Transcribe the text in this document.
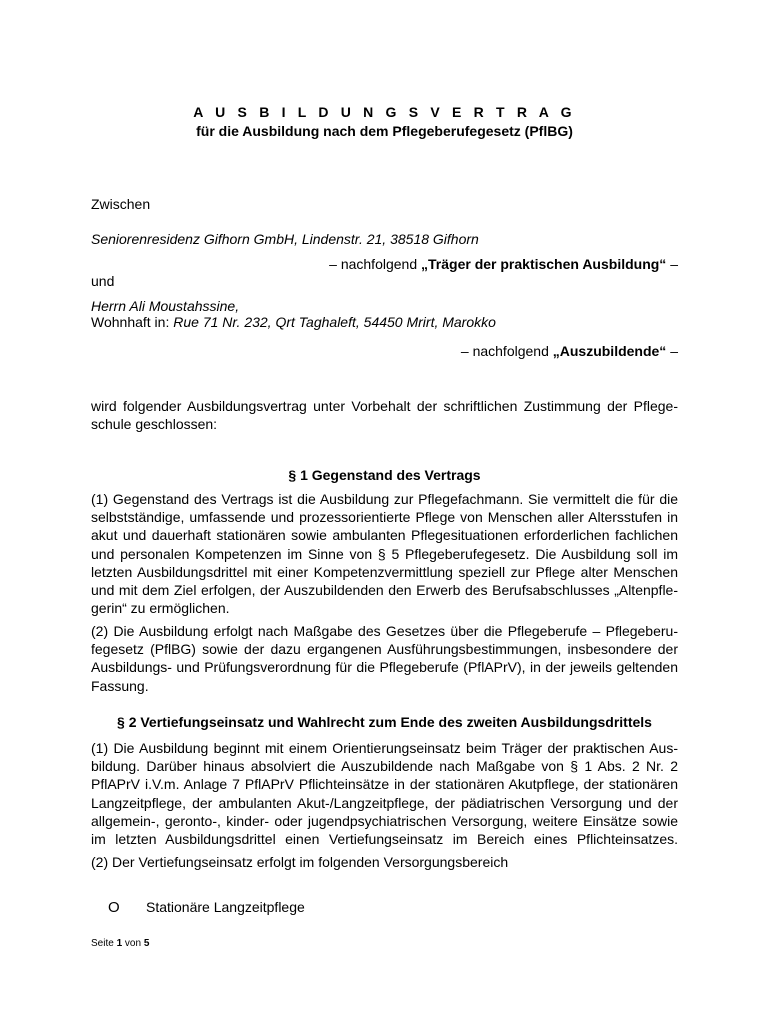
A U S B I L D U N G S V E R T R A G
für die Ausbildung nach dem Pflegeberufegesetz (PflBG)
Zwischen
Seniorenresidenz Gifhorn GmbH, Lindenstr. 21, 38518 Gifhorn
– nachfolgend „Träger der praktischen Ausbildung“ –
und
Herrn Ali Moustahssine,
Wohnhaft in: Rue 71 Nr. 232, Qrt Taghaleft, 54450 Mrirt, Marokko
– nachfolgend „Auszubildende“ –
wird folgender Ausbildungsvertrag unter Vorbehalt der schriftlichen Zustimmung der Pflege-
schule geschlossen:
§ 1 Gegenstand des Vertrags
(1) Gegenstand des Vertrags ist die Ausbildung zur Pflegefachmann. Sie vermittelt die für die
selbstständige, umfassende und prozessorientierte Pflege von Menschen aller Altersstufen in
akut und dauerhaft stationären sowie ambulanten Pflegesituationen erforderlichen fachlichen
und personalen Kompetenzen im Sinne von § 5 Pflegeberufegesetz. Die Ausbildung soll im
letzten Ausbildungsdrittel mit einer Kompetenzvermittlung speziell zur Pflege alter Menschen
und mit dem Ziel erfolgen, der Auszubildenden den Erwerb des Berufsabschlusses „Altenpfle-
gerin“ zu ermöglichen.
(2) Die Ausbildung erfolgt nach Maßgabe des Gesetzes über die Pflegeberufe – Pflegeberu-
fegesetz (PflBG) sowie der dazu ergangenen Ausführungsbestimmungen, insbesondere der
Ausbildungs- und Prüfungsverordnung für die Pflegeberufe (PflAPrV), in der jeweils geltenden
Fassung.
§ 2 Vertiefungseinsatz und Wahlrecht zum Ende des zweiten Ausbildungsdrittels
(1) Die Ausbildung beginnt mit einem Orientierungseinsatz beim Träger der praktischen Aus-
bildung. Darüber hinaus absolviert die Auszubildende nach Maßgabe von § 1 Abs. 2 Nr. 2
PflAPrV i.V.m. Anlage 7 PflAPrV Pflichteinsätze in der stationären Akutpflege, der stationären
Langzeitpflege, der ambulanten Akut-/Langzeitpflege, der pädiatrischen Versorgung und der
allgemein-, geronto-, kinder- oder jugendpsychiatrischen Versorgung, weitere Einsätze sowie
im letzten Ausbildungsdrittel einen Vertiefungseinsatz im Bereich eines Pflichteinsatzes.
(2) Der Vertiefungseinsatz erfolgt im folgenden Versorgungsbereich
O Stationäre Langzeitpflege
Seite 1 von 5
